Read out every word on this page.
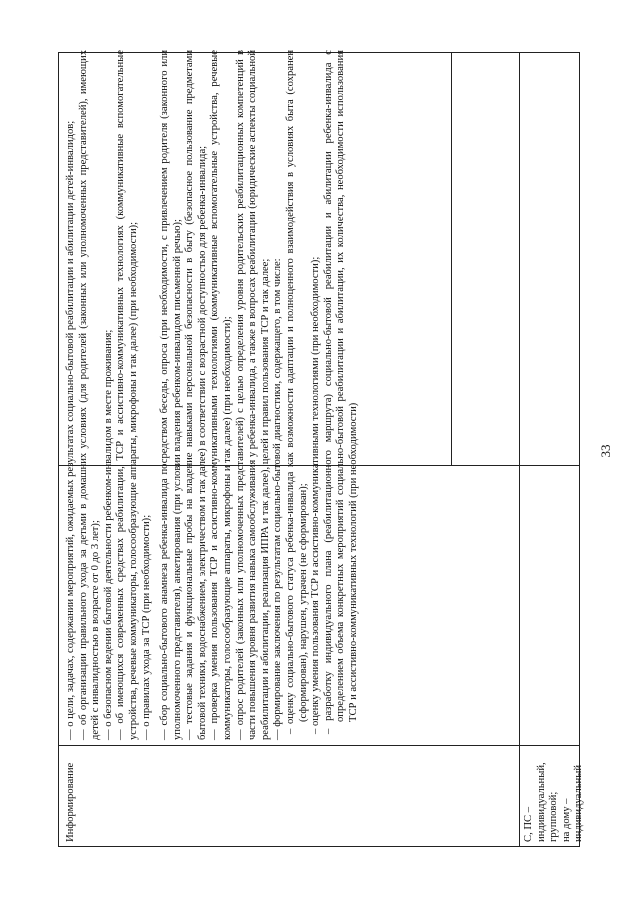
33
Информирование

— о цели, задачах, содержании мероприятий, ожидаемых результатах социально-бытовой реабилитации и абилитации детей-инвалидов; — об организации правильного ухода за детьми в домашних условиях (для родителей (законных или уполномоченных представителей), имеющих детей с инвалидностью в возрасте от 0 до 3 лет); — о безопасном ведении бытовой деятельности ребенком-инвалидом в месте проживания; — об имеющихся современных средствах реабилитации, ТСР и ассистивно-коммуникативных технологиях (коммуникативные вспомогательные устройства, речевые коммуникаторы, голосообразующие аппараты, микрофоны и так далее) (при необходимости); — о правилах ухода за ТСР (при необходимости); — сбор социально-бытового анамнеза ребенка-инвалида посредством беседы, опроса (при необходимости, с привлечением родителя (законного или уполномоченного представителя), анкетирования (при условии владения ребенком-инвалидом письменной речью); — тестовые задания и функциональные пробы на владение навыками персональной безопасности в быту (безопасное пользование предметами бытовой техники, водоснабжением, электричеством и так далее) в соответствии с возрастной доступностью для ребенка-инвалида; — проверка умения пользования ТСР и ассистивно-коммуникативными технологиями (коммуникативные вспомогательные устройства, речевые коммуникаторы, голосообразующие аппараты, микрофоны и так далее) (при необходимости); — опрос родителей (законных или уполномоченных представителей) с целью определения уровня родительских реабилитационных компетенций в части повышения уровня развития навыка самообслуживания у ребенка-инвалида, а также в вопросах реабилитации (юридические аспекты социальной реабилитации и абилитации, реализация ИПРА и так далее), целей и правил пользования ТСР и так далее; — формирование заключения по результатам социально-бытовой диагностики, содержащего, в том числе: – оценку социально-бытового статуса ребенка-инвалида как возможности адаптации и полноценного взаимодействия в условиях быта (сохранен (сформирован), нарушен, утрачен (не сформирован); – оценку умения пользования ТСР и ассистивно-коммуникативными технологиями (при необходимости); – разработку индивидуального плана (реабилитационного маршрута) социально-бытовой реабилитации и абилитации ребенка-инвалида с определением объема конкретных мероприятий социально-бытовой реабилитации и абилитации, их количества, необходимости использования ТСР и ассистивно-коммуникативных технологий (при необходимости)

С, ПС –
индивидуальный,
групповой;
на дому –
индивидуальный
